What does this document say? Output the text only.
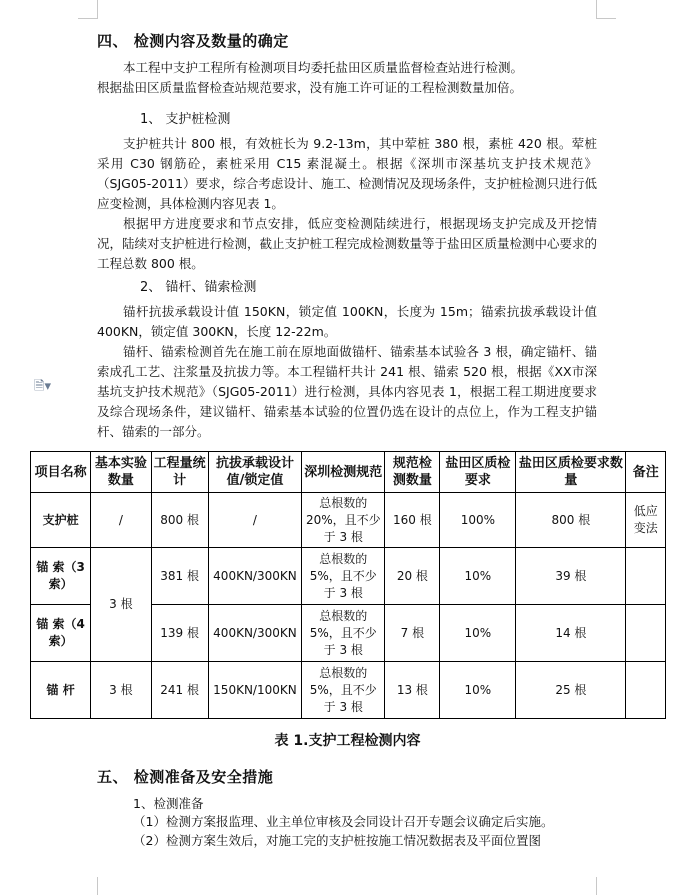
四、 检测内容及数量的确定

本工程中支护工程所有检测项目均委托盐田区质量监督检查站进行检测。

根据盐田区质量监督检查站规范要求，没有施工许可证的工程检测数量加倍。

1、 支护桩检测

支护桩共计 800 根，有效桩长为 9.2-13m，其中荤桩 380 根，素桩 420 根。荤桩采用 C30 钢筋砼，素桩采用 C15 素混凝土。根据《深圳市深基坑支护技术规范》（SJG05-2011）要求，综合考虑设计、施工、检测情况及现场条件，支护桩检测只进行低应变检测，具体检测内容见表 1。

根据甲方进度要求和节点安排，低应变检测陆续进行，根据现场支护完成及开挖情况，陆续对支护桩进行检测，截止支护桩工程完成检测数量等于盐田区质量检测中心要求的工程总数 800 根。

2、 锚杆、锚索检测

锚杆抗拔承载设计值 150KN，锁定值 100KN，长度为 15m；锚索抗拔承载设计值 400KN，锁定值 300KN，长度 12-22m。

锚杆、锚索检测首先在施工前在原地面做锚杆、锚索基本试验各 3 根，确定锚杆、锚索成孔工艺、注浆量及抗拔力等。本工程锚杆共计 241 根、锚索 520 根，根据《XX市深基坑支护技术规范》（SJG05-2011）进行检测，具体内容见表 1，根据工程工期进度要求及综合现场条件，建议锚杆、锚索基本试验的位置仍选在设计的点位上，作为工程支护锚杆、锚索的一部分。

🗎▾
项目名称	基本实验数量	工程量统计	抗拔承载设计值/锁定值	深圳检测规范	规范检测数量	盐田区质检要求	盐田区质检要求数量	备注
支护桩	/	800 根	/	总根数的20%，且不少于 3 根	160 根	100%	800 根	低应变法
锚 索（3索）	3 根	381 根	400KN/300KN	总根数的5%，且不少于 3 根	20 根	10%	39 根	
锚 索（4索）		139 根	400KN/300KN	总根数的5%，且不少于 3 根	7 根	10%	14 根	
锚 杆	3 根	241 根	150KN/100KN	总根数的5%，且不少于 3 根	13 根	10%	25 根	
表 1.支护工程检测内容
五、 检测准备及安全措施
1、检测准备
（1）检测方案报监理、业主单位审核及会同设计召开专题会议确定后实施。
（2）检测方案生效后，对施工完的支护桩按施工情况数据表及平面位置图
